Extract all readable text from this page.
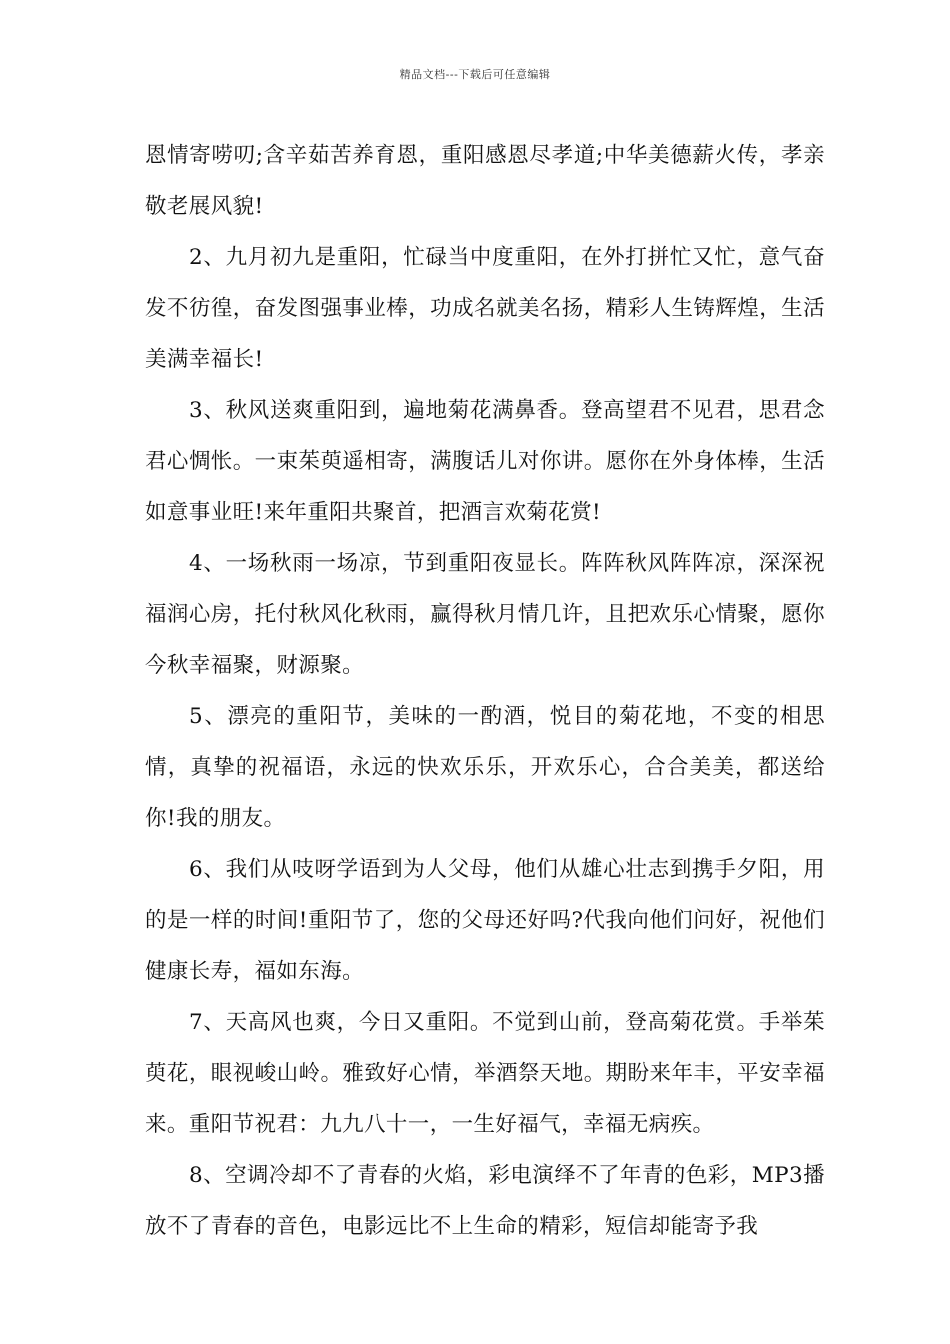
精品文档---下载后可任意编辑

恩情寄唠叨;含辛茹苦养育恩，重阳感恩尽孝道;中华美德薪火传，孝亲敬老展风貌!

2、九月初九是重阳，忙碌当中度重阳，在外打拼忙又忙，意气奋发不彷徨，奋发图强事业棒，功成名就美名扬，精彩人生铸辉煌，生活美满幸福长!

3、秋风送爽重阳到，遍地菊花满鼻香。登高望君不见君，思君念君心惆怅。一束茱萸遥相寄，满腹话儿对你讲。愿你在外身体棒，生活如意事业旺!来年重阳共聚首，把酒言欢菊花赏!

4、一场秋雨一场凉，节到重阳夜显长。阵阵秋风阵阵凉，深深祝福润心房，托付秋风化秋雨，赢得秋月情几许，且把欢乐心情聚，愿你今秋幸福聚，财源聚。

5、漂亮的重阳节，美味的一酌酒，悦目的菊花地，不变的相思情，真挚的祝福语，永远的快欢乐乐，开欢乐心，合合美美，都送给你!我的朋友。

6、我们从吱呀学语到为人父母，他们从雄心壮志到携手夕阳，用的是一样的时间!重阳节了，您的父母还好吗?代我向他们问好，祝他们健康长寿，福如东海。

7、天高风也爽，今日又重阳。不觉到山前，登高菊花赏。手举茱萸花，眼视峻山岭。雅致好心情，举酒祭天地。期盼来年丰，平安幸福来。重阳节祝君：九九八十一，一生好福气，幸福无病疾。

8、空调冷却不了青春的火焰，彩电演绎不了年青的色彩，MP3播放不了青春的音色，电影远比不上生命的精彩，短信却能寄予我
